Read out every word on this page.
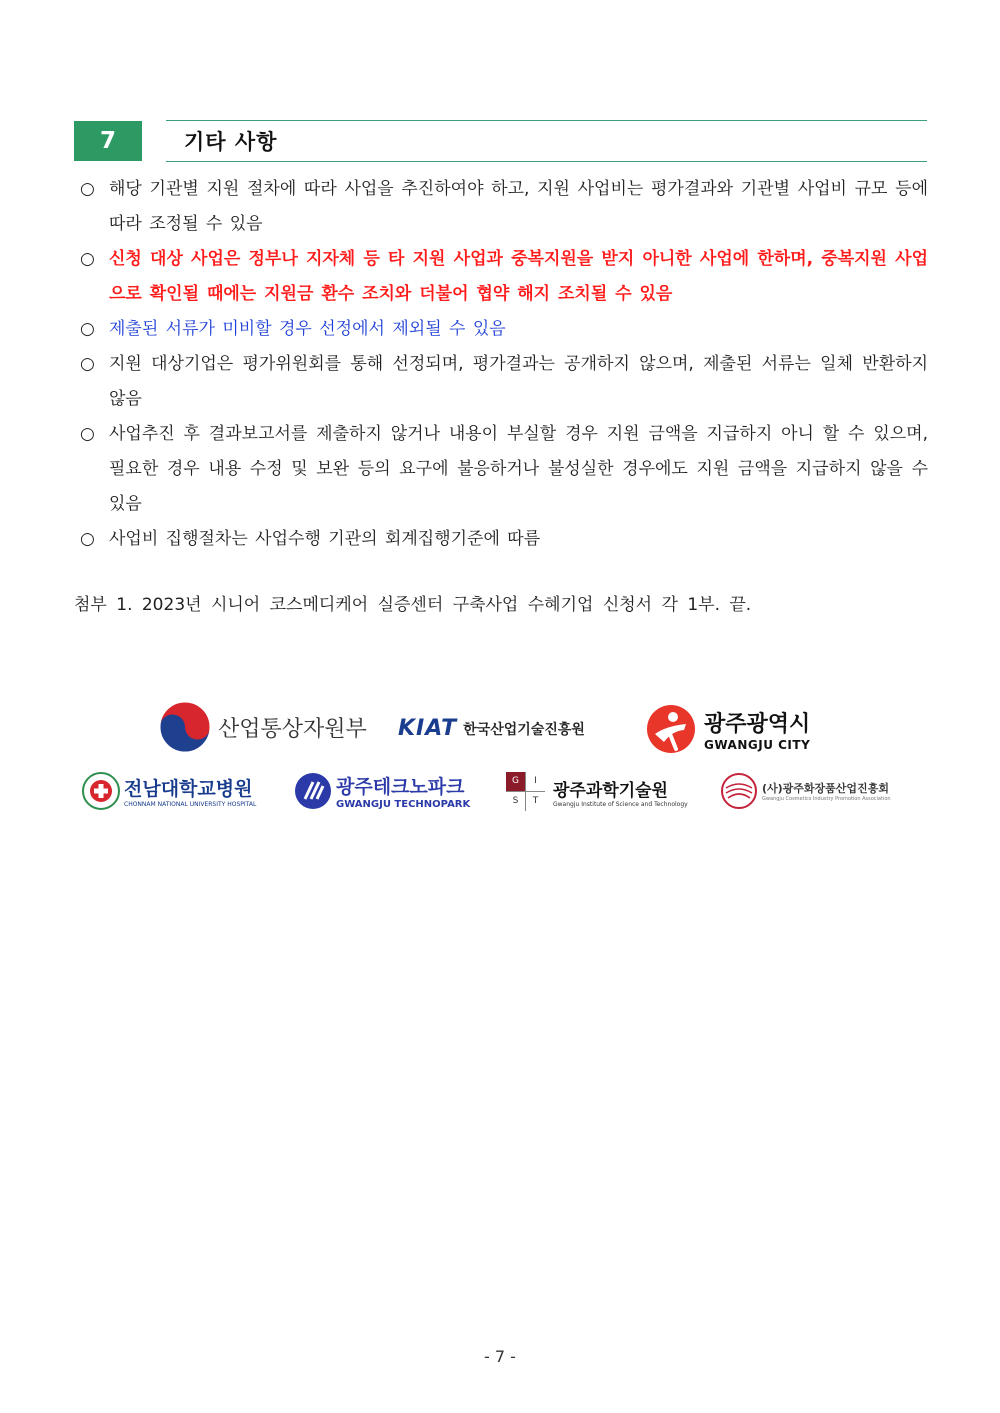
7	기타 사항
○ 해당 기관별 지원 절차에 따라 사업을 추진하여야 하고, 지원 사업비는 평가결과와 기관별 사업비 규모 등에 따라 조정될 수 있음
○ 신청 대상 사업은 정부나 지자체 등 타 지원 사업과 중복지원을 받지 아니한 사업에 한하며, 중복지원 사업으로 확인될 때에는 지원금 환수 조치와 더불어 협약 해지 조치될 수 있음
○ 제출된 서류가 미비할 경우 선정에서 제외될 수 있음
○ 지원 대상기업은 평가위원회를 통해 선정되며, 평가결과는 공개하지 않으며, 제출된 서류는 일체 반환하지 않음
○ 사업추진 후 결과보고서를 제출하지 않거나 내용이 부실할 경우 지원 금액을 지급하지 아니 할 수 있으며, 필요한 경우 내용 수정 및 보완 등의 요구에 불응하거나 불성실한 경우에도 지원 금액을 지급하지 않을 수 있음
○ 사업비 집행절차는 사업수행 기관의 회계집행기준에 따름
첨부 1. 2023년 시니어 코스메디케어 실증센터 구축사업 수혜기업 신청서 각 1부. 끝.
산업통상자원부 KIAT 한국산업기술진흥원	광주광역시
GWANGJU CITY
전남대학교병원
CHONNAM NATIONAL UNIVERSITY HOSPITAL
광주테크노파크
GWANGJU TECHNOPARK
G	I
S	T
광주과학기술원
Gwangju Institute of Science and Technology
(사)광주화장품산업진흥회
Gwangju Cosmetics Industry Promotion Association
- 7 -
